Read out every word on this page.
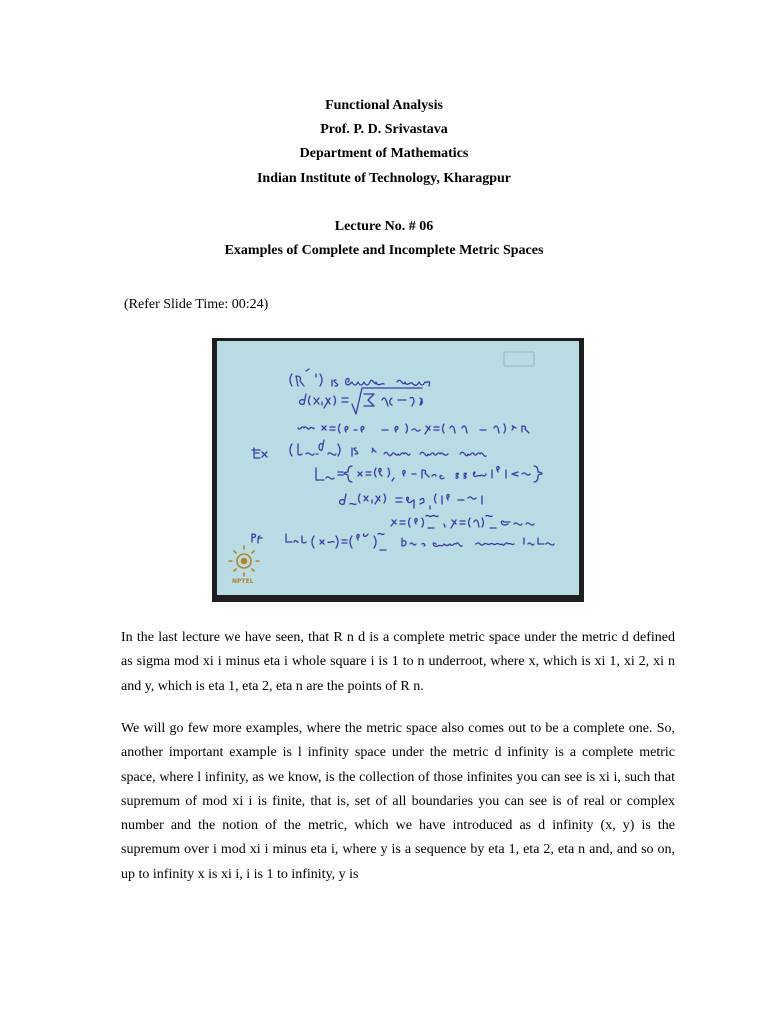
Functional Analysis
Prof. P. D. Srivastava
Department of Mathematics
Indian Institute of Technology, Kharagpur
Lecture No. # 06
Examples of Complete and Incomplete Metric Spaces
(Refer Slide Time: 00:24)
NPTEL

In the last lecture we have seen, that R n d is a complete metric space under the metric d defined as sigma mod xi i minus eta i whole square i is 1 to n underroot, where x, which is xi 1, xi 2, xi n and y, which is eta 1, eta 2, eta n are the points of R n.

We will go few more examples, where the metric space also comes out to be a complete one. So, another important example is l infinity space under the metric d infinity is a complete metric space, where l infinity, as we know, is the collection of those infinites you can see is xi i, such that supremum of mod xi i is finite, that is, set of all boundaries you can see is of real or complex number and the notion of the metric, which we have introduced as d infinity (x, y) is the supremum over i mod xi i minus eta i, where y is a sequence by eta 1, eta 2, eta n and, and so on, up to infinity x is xi i, i is 1 to infinity, y is
